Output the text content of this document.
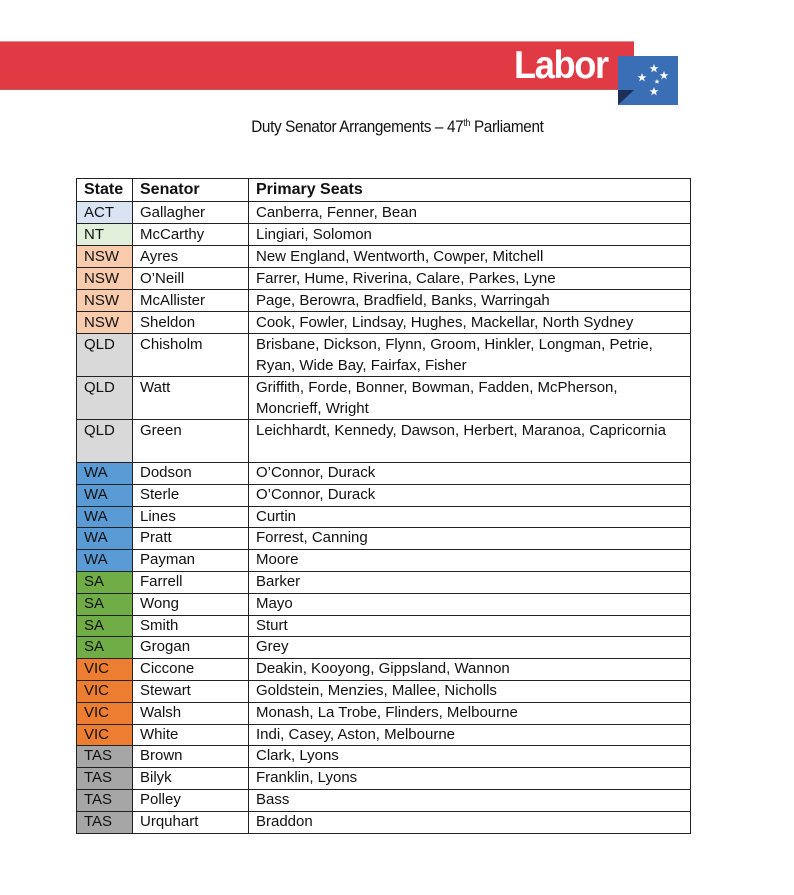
Labor
Duty Senator Arrangements – 47th Parliament
State	Senator	Primary Seats
ACT	Gallagher	Canberra, Fenner, Bean
NT	McCarthy	Lingiari, Solomon
NSW	Ayres	New England, Wentworth, Cowper, Mitchell
NSW	O’Neill	Farrer, Hume, Riverina, Calare, Parkes, Lyne
NSW	McAllister	Page, Berowra, Bradfield, Banks, Warringah
NSW	Sheldon	Cook, Fowler, Lindsay, Hughes, Mackellar, North Sydney
QLD	Chisholm	Brisbane, Dickson, Flynn, Groom, Hinkler, Longman, Petrie, Ryan, Wide Bay, Fairfax, Fisher
QLD	Watt	Griffith, Forde, Bonner, Bowman, Fadden, McPherson, Moncrieff, Wright
QLD	Green	Leichhardt, Kennedy, Dawson, Herbert, Maranoa, Capricornia
WA	Dodson	O’Connor, Durack
WA	Sterle	O’Connor, Durack
WA	Lines	Curtin
WA	Pratt	Forrest, Canning
WA	Payman	Moore
SA	Farrell	Barker
SA	Wong	Mayo
SA	Smith	Sturt
SA	Grogan	Grey
VIC	Ciccone	Deakin, Kooyong, Gippsland, Wannon
VIC	Stewart	Goldstein, Menzies, Mallee, Nicholls
VIC	Walsh	Monash, La Trobe, Flinders, Melbourne
VIC	White	Indi, Casey, Aston, Melbourne
TAS	Brown	Clark, Lyons
TAS	Bilyk	Franklin, Lyons
TAS	Polley	Bass
TAS	Urquhart	Braddon
